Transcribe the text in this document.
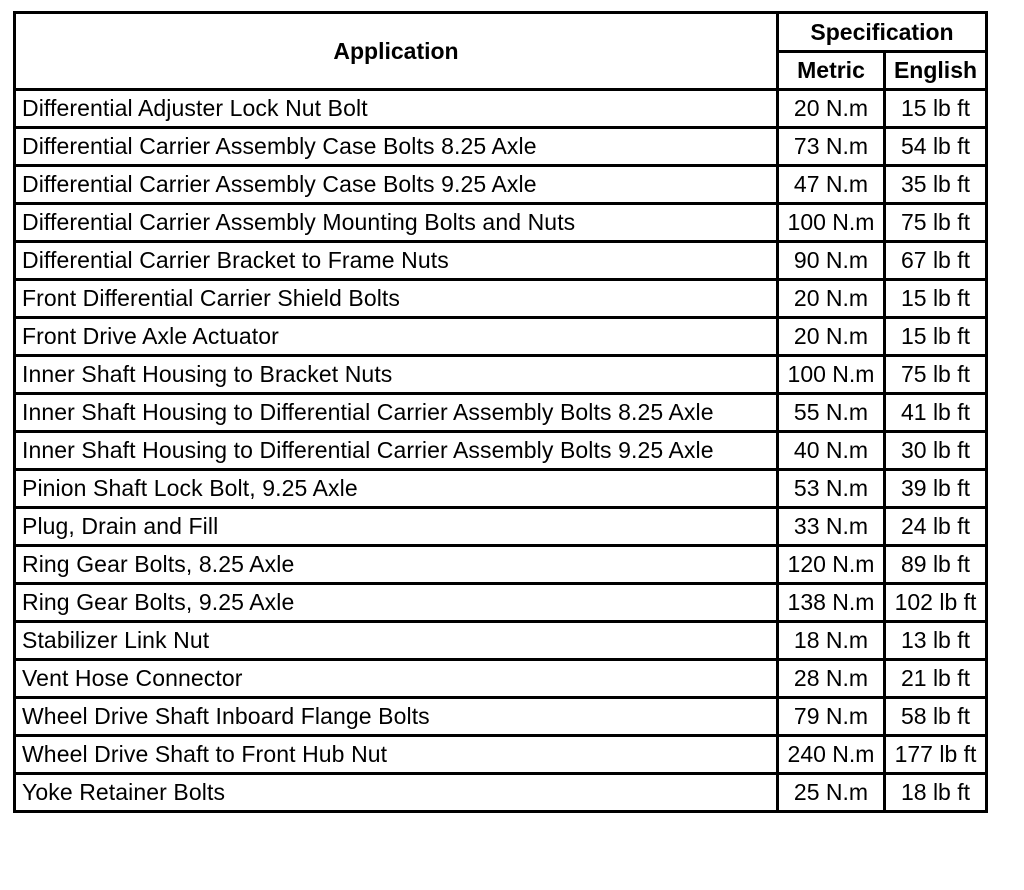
Application	Specification	
	Metric	English
Differential Adjuster Lock Nut Bolt	20 N.m	15 lb ft
Differential Carrier Assembly Case Bolts 8.25 Axle	73 N.m	54 lb ft
Differential Carrier Assembly Case Bolts 9.25 Axle	47 N.m	35 lb ft
Differential Carrier Assembly Mounting Bolts and Nuts	100 N.m	75 lb ft
Differential Carrier Bracket to Frame Nuts	90 N.m	67 lb ft
Front Differential Carrier Shield Bolts	20 N.m	15 lb ft
Front Drive Axle Actuator	20 N.m	15 lb ft
Inner Shaft Housing to Bracket Nuts	100 N.m	75 lb ft
Inner Shaft Housing to Differential Carrier Assembly Bolts 8.25 Axle	55 N.m	41 lb ft
Inner Shaft Housing to Differential Carrier Assembly Bolts 9.25 Axle	40 N.m	30 lb ft
Pinion Shaft Lock Bolt, 9.25 Axle	53 N.m	39 lb ft
Plug, Drain and Fill	33 N.m	24 lb ft
Ring Gear Bolts, 8.25 Axle	120 N.m	89 lb ft
Ring Gear Bolts, 9.25 Axle	138 N.m	102 lb ft
Stabilizer Link Nut	18 N.m	13 lb ft
Vent Hose Connector	28 N.m	21 lb ft
Wheel Drive Shaft Inboard Flange Bolts	79 N.m	58 lb ft
Wheel Drive Shaft to Front Hub Nut	240 N.m	177 lb ft
Yoke Retainer Bolts	25 N.m	18 lb ft
